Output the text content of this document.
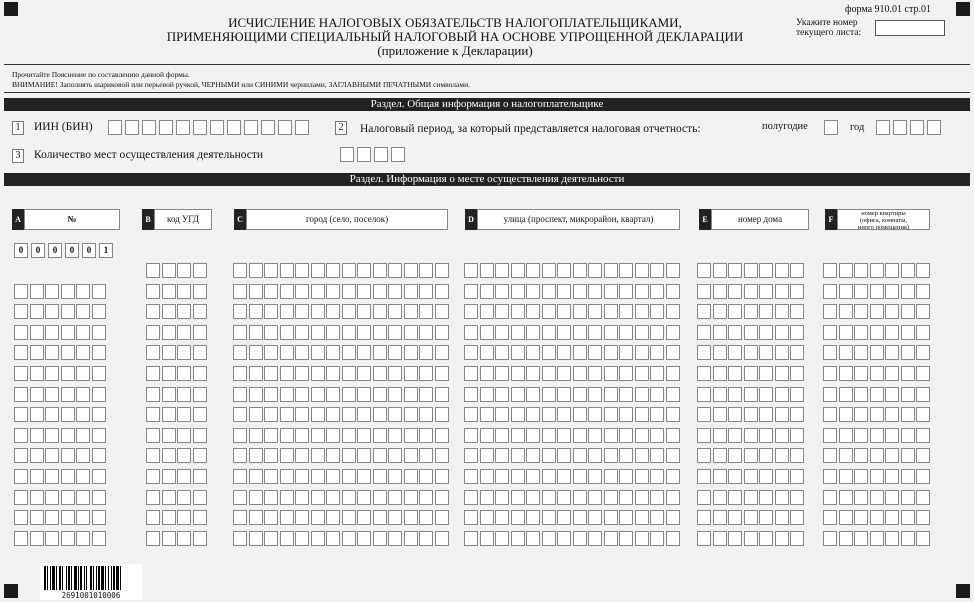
форма 910.01 стр.01
ИСЧИСЛЕНИЕ НАЛОГОВЫХ ОБЯЗАТЕЛЬСТВ НАЛОГОПЛАТЕЛЬЩИКАМИ,
ПРИМЕНЯЮЩИМИ СПЕЦИАЛЬНЫЙ НАЛОГОВЫЙ НА ОСНОВЕ УПРОЩЕННОЙ ДЕКЛАРАЦИИ
(приложение к Декларации)
Укажите номер
текущего листа:
Прочитайте Пояснение по составлению данной формы.
ВНИМАНИЕ! Заполнять шариковой или перьевой ручкой, ЧЕРНЫМИ или СИНИМИ чернилами, ЗАГЛАВНЫМИ ПЕЧАТНЫМИ символами.
Раздел. Общая информация о налогоплательщике
1	ИИН (БИН)	2	Налоговый период, за который представляется налоговая отчетность:	полугодие	год
3	Количество мест осуществления деятельности
Раздел. Информация о месте осуществления деятельности
A	№	B	код УГД	C	город (село, поселок)	D	улица (проспект, микрорайон, квартал)	E	номер дома	F
номер квартиры
(офиса, комнаты,
иного помещения)
0	0	0	0	0	1
2691001010006
